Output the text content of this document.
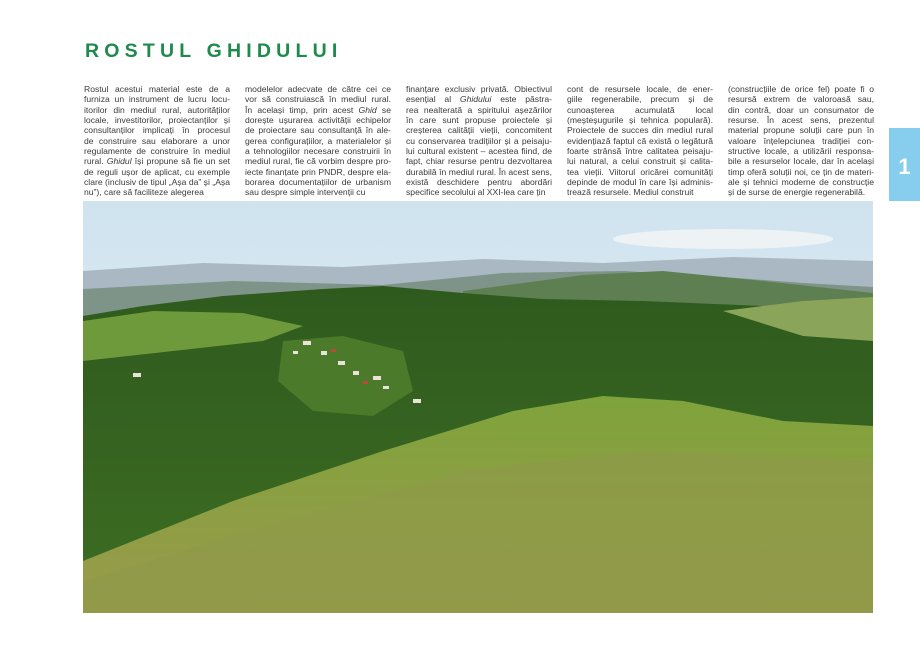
ROSTUL GHIDULUI
Rostul acestui material este de a
furniza un instrument de lucru locu-
itorilor din mediul rural, autorităților
locale, investitorilor, proiectanților și
consultanților implicați în procesul
de construire sau elaborare a unor
regulamente de construire în mediul
rural. Ghidul își propune să fie un set
de reguli ușor de aplicat, cu exemple
clare (inclusiv de tipul „Așa da” și „Așa
nu”), care să faciliteze alegerea
modelelor adecvate de către cei ce
vor să construiască în mediul rural.
În același timp, prin acest Ghid se
dorește ușurarea activității echipelor
de proiectare sau consultanță în ale-
gerea configurațiilor, a materialelor și
a tehnologiilor necesare construirii în
mediul rural, fie că vorbim despre pro-
iecte finanțate prin PNDR, despre ela-
borarea documentațiilor de urbanism
sau despre simple intervenții cu
finanțare exclusiv privată. Obiectivul
esențial al Ghidului este păstra-
rea nealterată a spiritului așezărilor
în care sunt propuse proiectele și
creșterea calității vieții, concomitent
cu conservarea tradițiilor și a peisaju-
lui cultural existent – acestea fiind, de
fapt, chiar resurse pentru dezvoltarea
durabilă în mediul rural. În acest sens,
există deschidere pentru abordări
specifice secolului al XXI-lea care țin
cont de resursele locale, de ener-
giile regenerabile, precum și de
cunoașterea acumulată local
(meșteșugurile și tehnica populară).
Proiectele de succes din mediul rural
evidențiază faptul că există o legătură
foarte strânsă între calitatea peisaju-
lui natural, a celui construit și calita-
tea vieții. Viitorul oricărei comunități
depinde de modul în care își adminis-
trează resursele. Mediul construit
(construcțiile de orice fel) poate fi o
resursă extrem de valoroasă sau,
din contră, doar un consumator de
resurse. În acest sens, prezentul
material propune soluții care pun în
valoare înțelepciunea tradiției con-
structive locale, a utilizării responsa-
bile a resurselor locale, dar în același
timp oferă soluții noi, ce țin de materi-
ale și tehnici moderne de construcție
și de surse de energie regenerabilă.
1
